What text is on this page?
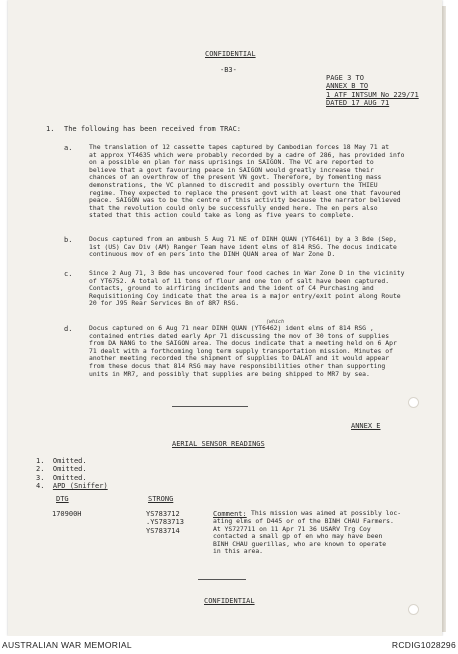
CONFIDENTIAL
-B3-
PAGE 3 TO
ANNEX B TO
1 ATF INTSUM No 229/71
DATED 17 AUG 71
1. The following has been received from TRAC:
a.	The translation of 12 cassette tapes captured by Cambodian forces 18 May 71 at
at approx YT4635 which were probably recorded by a cadre of 286, has provided info
on a possible en plan for mass uprisings in SAIGON. The VC are reported to
believe that a govt favouring peace in SAIGON would greatly increase their
chances of an overthrow of the present VN govt. Therefore, by fomenting mass
demonstrations, the VC planned to discredit and possibly overturn the THIEU
regime. They expected to replace the present govt with at least one that favoured
peace. SAIGON was to be the centre of this activity because the narrator believed
that the revolution could only be successfully ended here. The en pers also
stated that this action could take as long as five years to complete.
b.	Docus captured from an ambush 5 Aug 71 NE of DINH QUAN (YT6461) by a 3 Bde (Sep,
1st (US) Cav Div (AM) Ranger Team have ident elms of 814 RSG. The docus indicate
continuous mov of en pers into the DINH QUAN area of War Zone D.
c.	Since 2 Aug 71, 3 Bde has uncovered four food caches in War Zone D in the vicinity
of YT6752. A total of 11 tons of flour and one ton of salt have been captured.
Contacts, ground to airfiring incidents and the ident of C4 Purchasing and
Requisitioning Coy indicate that the area is a major entry/exit point along Route
20 for J95 Rear Services Bn of 8R7 RSG.
(which
d.	Docus captured on 6 Aug 71 near DINH QUAN (YT6462) ident elms of 814 RSG ,
contained entries dated early Apr 71 discussing the mov of 30 tons of supplies
from DA NANG to the SAIGON area. The docus indicate that a meeting held on 6 Apr
71 dealt with a forthcoming long term supply transportation mission. Minutes of
another meeting recorded the shipment of supplies to DALAT and it would appear
from these docus that 814 RSG may have responsibilities other than supporting
units in MR7, and possibly that supplies are being shipped to MR7 by sea.
ANNEX E
AERIAL SENSOR READINGS
1. Omitted.
2. Omitted.
3. Omitted.
4. APD (Sniffer)
DTG	STRONG
170900H	YS783712
.YS783713
YS783714
Comment: This mission was aimed at possibly loc-
ating elms of D445 or of the BINH CHAU Farmers.
At YS727711 on 11 Apr 71 36 USARV Trg Coy
contacted a small gp of en who may have been
BINH CHAU guerillas, who are known to operate
in this area.
CONFIDENTIAL
AUSTRALIAN WAR MEMORIAL	RCDIG1028296
